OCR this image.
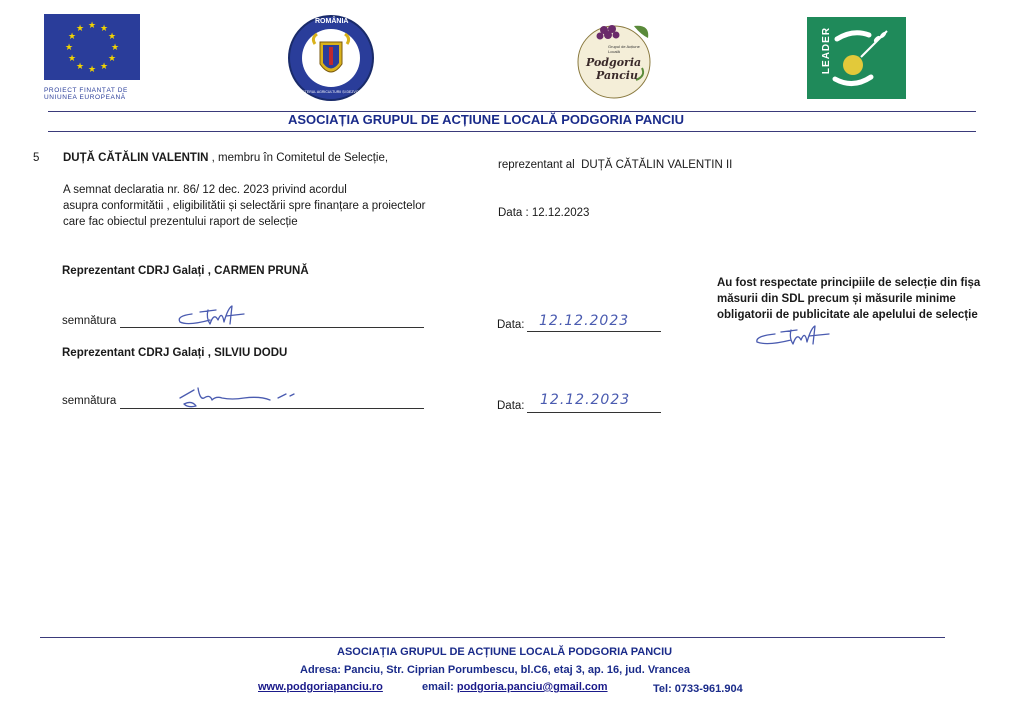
★ ★
★
★
★
★
★
★
★
★
★
★
PROIECT FINANȚAT DE
UNIUNEA EUROPEANĂ
ROMÂNIA
MINISTERUL AGRICULTURII ȘI DEZVOLTĂRII RURALE
Grupul de Acțiune Locală
Podgoria
Panciu
LEADER
ASOCIAȚIA GRUPUL DE ACȚIUNE LOCALĂ PODGORIA PANCIU
5 DUȚĂ CĂTĂLIN VALENTIN , membru în Comitetul de Selecție,
reprezentant al DUȚĂ CĂTĂLIN VALENTIN II
A semnat declaratia nr. 86/ 12 dec. 2023 privind acordul
asupra conformitătii , eligibilitătii și selectării spre finanțare a proiectelor
care fac obiectul prezentului raport de selecție
Data : 12.12.2023
Reprezentant CDRJ Galați , CARMEN PRUNĂ
semnătura	Data: 12.12.2023
Reprezentant CDRJ Galați , SILVIU DODU
semnătura	Data: 12.12.2023
Au fost respectate principiile de selecție din fișa
măsurii din SDL precum și măsurile minime
obligatorii de publicitate ale apelului de selecție
ASOCIAȚIA GRUPUL DE ACȚIUNE LOCALĂ PODGORIA PANCIU
Adresa: Panciu, Str. Ciprian Porumbescu, bl.C6, etaj 3, ap. 16, jud. Vrancea
www.podgoriapanciu.ro	email: podgoria.panciu@gmail.com	Tel: 0733-961.904
